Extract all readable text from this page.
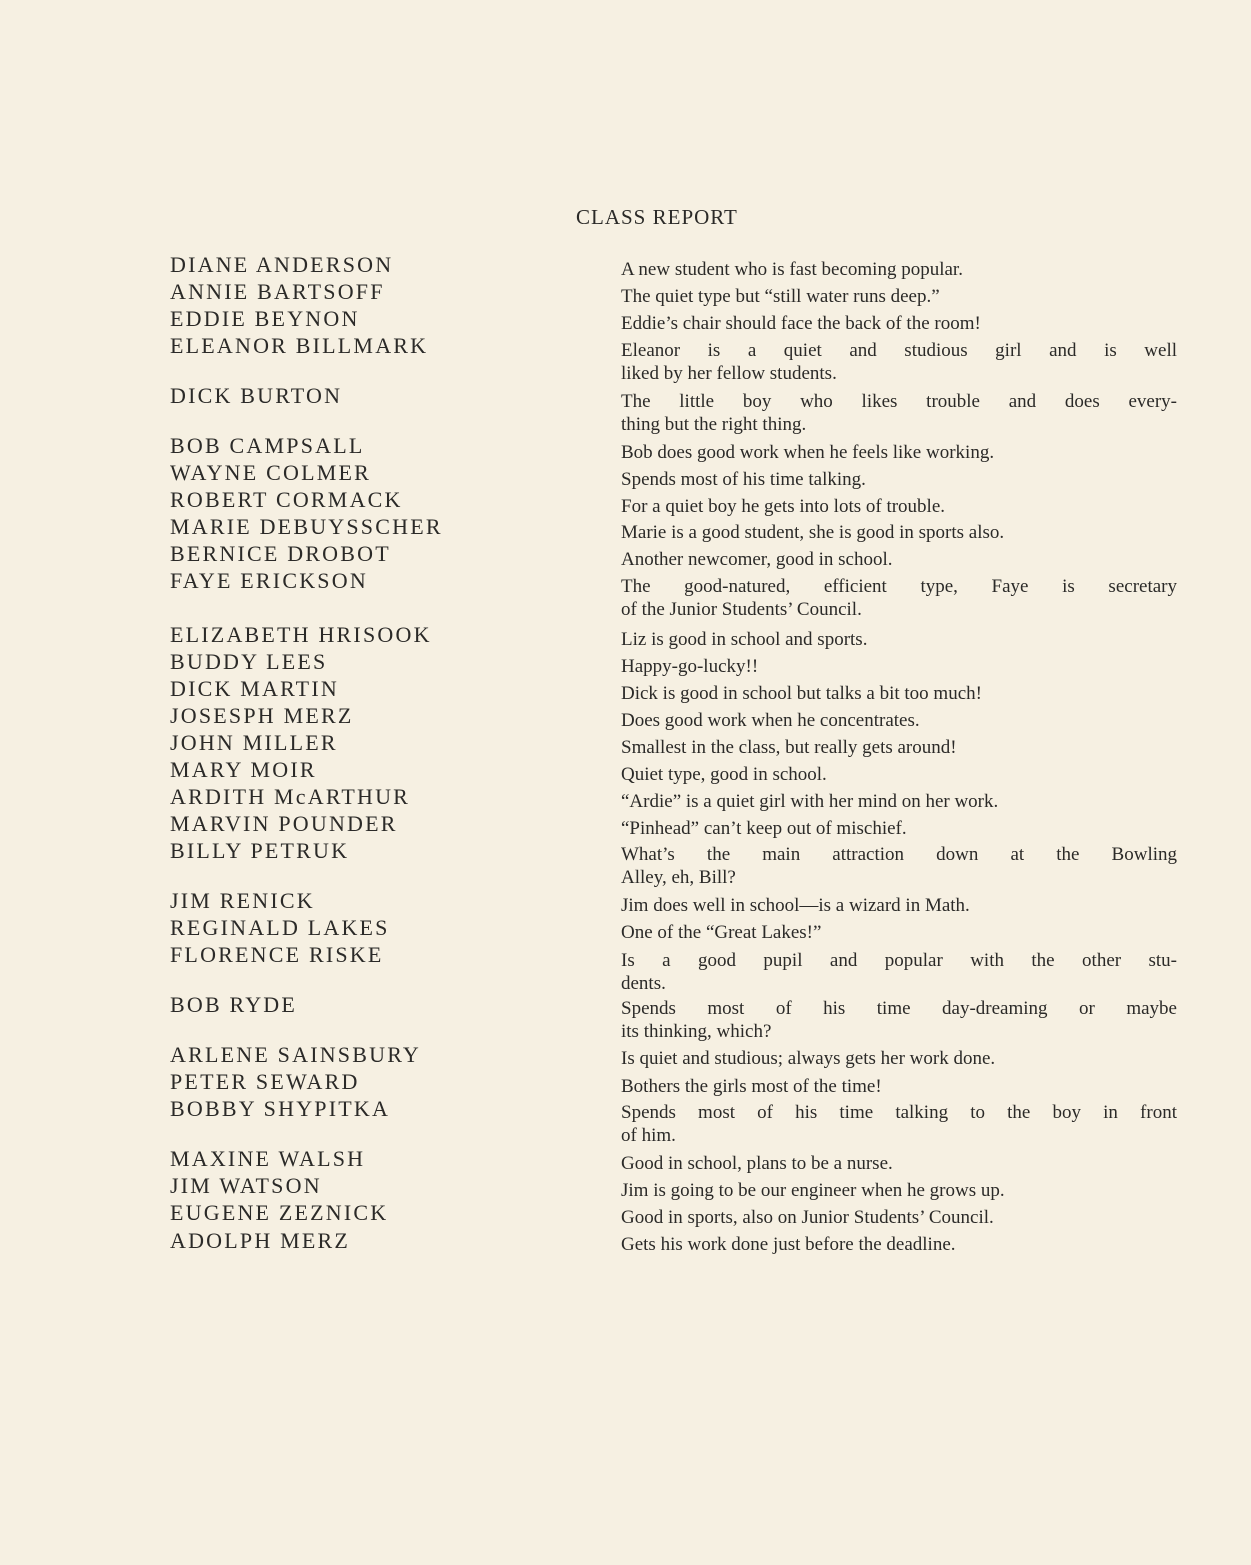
CLASS REPORT
DIANE ANDERSON
ANNIE BARTSOFF
EDDIE BEYNON
ELEANOR BILLMARK
DICK BURTON
BOB CAMPSALL
WAYNE COLMER
ROBERT CORMACK
MARIE DEBUYSSCHER
BERNICE DROBOT
FAYE ERICKSON
ELIZABETH HRISOOK
BUDDY LEES
DICK MARTIN
JOSESPH MERZ
JOHN MILLER
MARY MOIR
ARDITH McARTHUR
MARVIN POUNDER
BILLY PETRUK
JIM RENICK
REGINALD LAKES
FLORENCE RISKE
BOB RYDE
ARLENE SAINSBURY
PETER SEWARD
BOBBY SHYPITKA
MAXINE WALSH
JIM WATSON
EUGENE ZEZNICK
ADOLPH MERZ
A new student who is fast becoming popular.
The quiet type but “still water runs deep.”
Eddie’s chair should face the back of the room!
Eleanor is a quiet and studious girl and is well
liked by her fellow students.
The little boy who likes trouble and does every-
thing but the right thing.
Bob does good work when he feels like working.
Spends most of his time talking.
For a quiet boy he gets into lots of trouble.
Marie is a good student, she is good in sports also.
Another newcomer, good in school.
The good-natured, efficient type, Faye is secretary
of the Junior Students’ Council.
Liz is good in school and sports.
Happy-go-lucky!!
Dick is good in school but talks a bit too much!
Does good work when he concentrates.
Smallest in the class, but really gets around!
Quiet type, good in school.
“Ardie” is a quiet girl with her mind on her work.
“Pinhead” can’t keep out of mischief.
What’s the main attraction down at the Bowling
Alley, eh, Bill?
Jim does well in school—is a wizard in Math.
One of the “Great Lakes!”
Is a good pupil and popular with the other stu-
dents.
Spends most of his time day-dreaming or maybe
its thinking, which?
Is quiet and studious; always gets her work done.
Bothers the girls most of the time!
Spends most of his time talking to the boy in front
of him.
Good in school, plans to be a nurse.
Jim is going to be our engineer when he grows up.
Good in sports, also on Junior Students’ Council.
Gets his work done just before the deadline.
